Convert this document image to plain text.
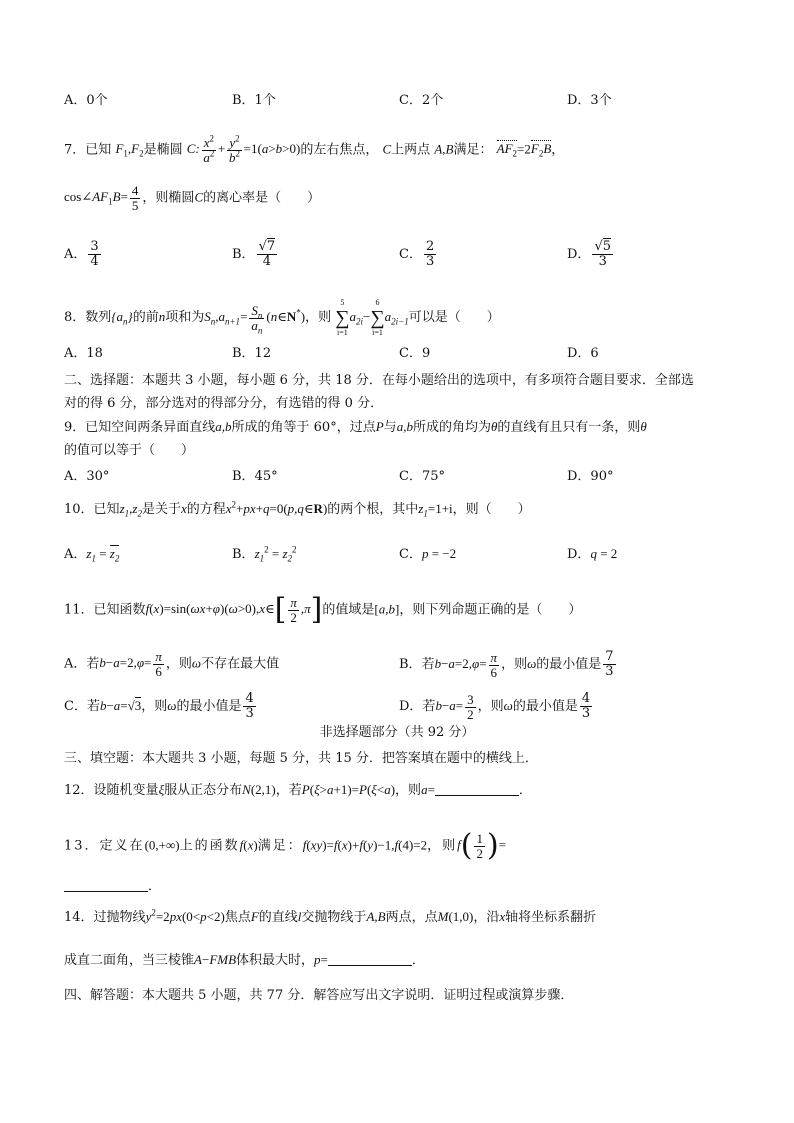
A．0个	B．1个	C．2个	D．3个
7．已知 $F_1,F_2$是椭圆 C: $\frac{x^2}{a^2} + \frac{y^2}{b^2} =1(a>b>0)$的左右焦点， C上两点 A,B满足： $AF_2=2F_2B$，
$\cos\angle AF_1B= \frac{4}{5}$ ，则椭圆C的离心率是（　　）
A． $\frac{3}{4}$	B． $\frac{√7}{4}$	C． $\frac{2}{3}$	D． $\frac{√5}{3}$
8．数列$\{a_n\}$的前n项和为$S_n,a_{n+1}= \frac{S_n}{a_n}$ (n∈N*)，则
5
∑
i=1
$a_{2i}-$
6
∑
i=1
$a_{2i-1}$可以是（　　）
A．18	B．12	C．9	D．6
二、选择题：本题共 3 小题，每小题 6 分，共 18 分．在每小题给出的选项中，有多项符合题目要求．全部选
对的得 6 分，部分选对的得部分分，有选错的得 0 分．
9．已知空间两条异面直线a,b所成的角等于 60°，过点P与a,b所成的角均为θ的直线有且只有一条，则θ
的值可以等于（　　）
A．30°	B．45°	C．75°	D．90°
10．已知$z_1,z_2$是关于x的方程$x^2+px+q=0(p,q\in R)$的两个根，其中$z_1=1+i$，则（　　）
A．$z_1 = z_2$	B．$z_1^2 = z_2^2$	C．p = −2	D．q = 2
11．已知函数f(x)=sin(ωx+φ)(ω>0),x∈[ $\frac{\pi}{2} ,\pi$]的值域是[a,b]，则下列命题正确的是（　　）
A．若$b-a=2,\varphi= \frac{\pi}{6}$ ，则ω不存在最大值	B．若$b-a=2,\varphi= \frac{\pi}{6}$ ，则ω的最小值是 $\frac{7}{3}$
C．若b−a=√3，则ω的最小值是 $\frac{4}{3}$	D．若$b-a= \frac{3}{2}$ ，则ω的最小值是 $\frac{4}{3}$
非选择题部分（共 92 分）
三、填空题：本大题共 3 小题，每题 5 分，共 15 分．把答案填在题中的横线上．
12．设随机变量ξ服从正态分布N(2,1)，若P(ξ>a+1)=P(ξ<a)，则a=	．
13．定义在(0,+∞)上的函数f(x)满足：f(xy)=f(x)+f(y)−1,f(4)=2，则$f( \frac{1}{2}$ )=
．
14．过抛物线$y^2=2px(0<p<2)$焦点F的直线l交抛物线于A,B两点，点M(1,0)，沿x轴将坐标系翻折
成直二面角，当三棱锥A−FMB体积最大时，p=	．
四、解答题：本大题共 5 小题，共 77 分．解答应写出文字说明．证明过程或演算步骤．
